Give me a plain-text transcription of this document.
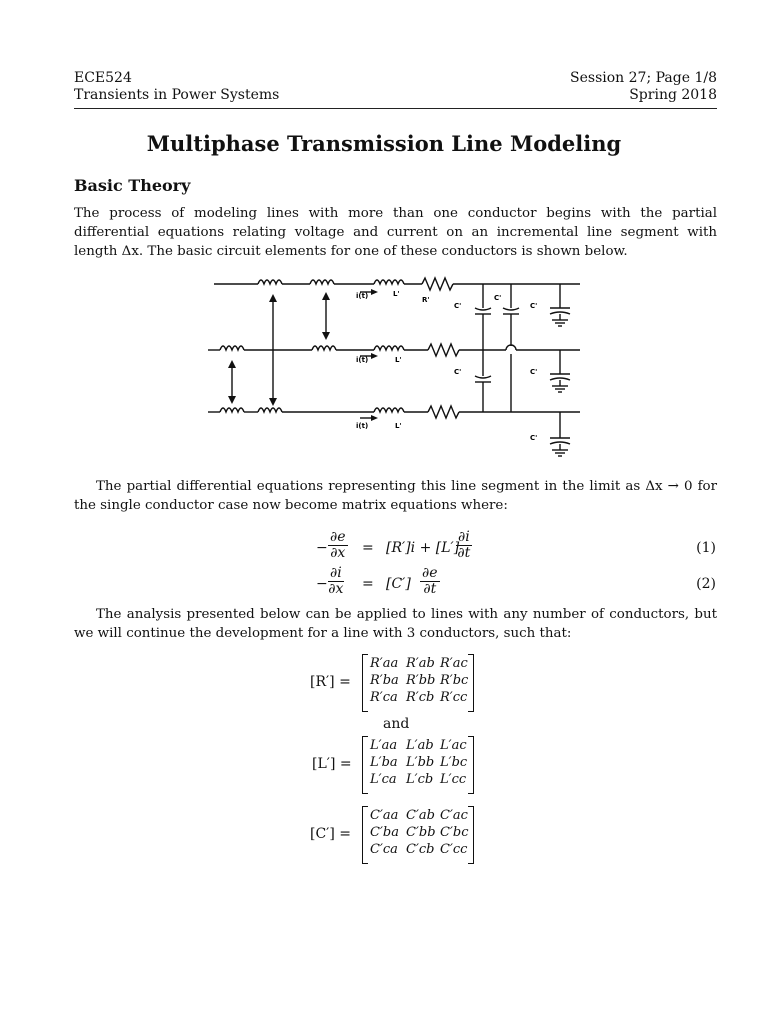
ECE524
Transients in Power Systems
Session 27; Page 1/8
Spring 2018
Multiphase Transmission Line Modeling
Basic Theory
The process of modeling lines with more than one conductor begins with the partial differential equations relating voltage and current on an incremental line segment with length Δx. The basic circuit elements for one of these conductors is shown below.
i(t)
i(t)
i(t)
L'
L'
L'
R'
C'
C'
C'
C'	C'
C'
The partial differential equations representing this line segment in the limit as Δx → 0 for the single conductor case now become matrix equations where:
− $\frac{\partial e}{\partial x} = [R']i + [L']$
$\frac{\partial i}{\partial t}$	(1)
− $\frac{\partial i}{\partial x} = [C'] \frac{\partial e}{\partial t}$	(2)
The analysis presented below can be applied to lines with any number of conductors, but we will continue the development for a line with 3 conductors, such that:
[R′] =
R′aa R′ab R′ac
R′ba R′bb R′bc
R′ca R′cb R′cc
and
[L′] =
L′aa L′ab L′ac
L′ba L′bb L′bc
L′ca L′cb L′cc
[C′] =
C′aa C′ab C′ac
C′ba C′bb C′bc
C′ca C′cb C′cc
